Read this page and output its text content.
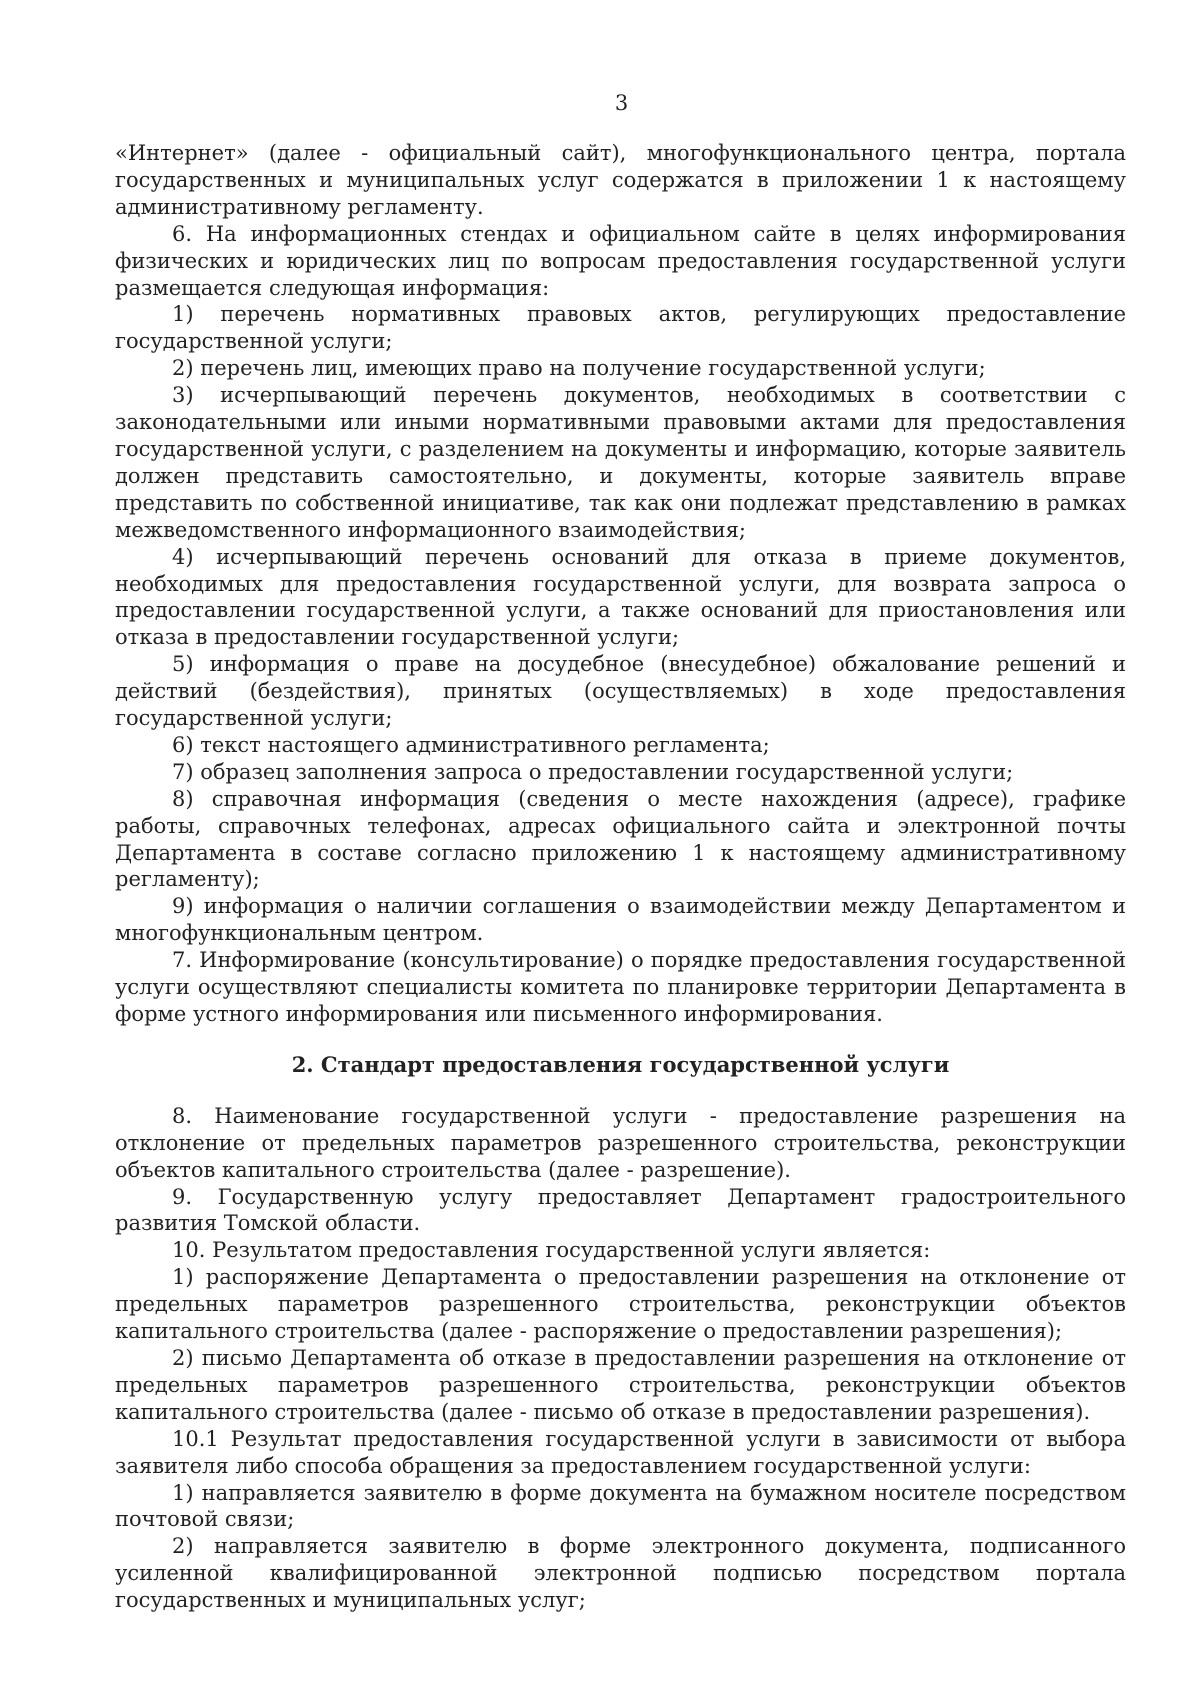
3

«Интернет» (далее - официальный сайт), многофункционального центра, портала государственных и муниципальных услуг содержатся в приложении 1 к настоящему административному регламенту.

6. На информационных стендах и официальном сайте в целях информирования физических и юридических лиц по вопросам предоставления государственной услуги размещается следующая информация:

1) перечень нормативных правовых актов, регулирующих предоставление государственной услуги;

2) перечень лиц, имеющих право на получение государственной услуги;

3) исчерпывающий перечень документов, необходимых в соответствии с законодательными или иными нормативными правовыми актами для предоставления государственной услуги, с разделением на документы и информацию, которые заявитель должен представить самостоятельно, и документы, которые заявитель вправе представить по собственной инициативе, так как они подлежат представлению в рамках межведомственного информационного взаимодействия;

4) исчерпывающий перечень оснований для отказа в приеме документов, необходимых для предоставления государственной услуги, для возврата запроса о предоставлении государственной услуги, а также оснований для приостановления или отказа в предоставлении государственной услуги;

5) информация о праве на досудебное (внесудебное) обжалование решений и действий (бездействия), принятых (осуществляемых) в ходе предоставления государственной услуги;

6) текст настоящего административного регламента;

7) образец заполнения запроса о предоставлении государственной услуги;

8) справочная информация (сведения о месте нахождения (адресе), графике работы, справочных телефонах, адресах официального сайта и электронной почты Департамента в составе согласно приложению 1 к настоящему административному регламенту);

9) информация о наличии соглашения о взаимодействии между Департаментом и многофункциональным центром.

7. Информирование (консультирование) о порядке предоставления государственной услуги осуществляют специалисты комитета по планировке территории Департамента в форме устного информирования или письменного информирования.

2. Стандарт предоставления государственной услуги

8. Наименование государственной услуги - предоставление разрешения на отклонение от предельных параметров разрешенного строительства, реконструкции объектов капитального строительства (далее - разрешение).

9. Государственную услугу предоставляет Департамент градостроительного развития Томской области.

10. Результатом предоставления государственной услуги является:

1) распоряжение Департамента о предоставлении разрешения на отклонение от предельных параметров разрешенного строительства, реконструкции объектов капитального строительства (далее - распоряжение о предоставлении разрешения);

2) письмо Департамента об отказе в предоставлении разрешения на отклонение от предельных параметров разрешенного строительства, реконструкции объектов капитального строительства (далее - письмо об отказе в предоставлении разрешения).

10.1 Результат предоставления государственной услуги в зависимости от выбора заявителя либо способа обращения за предоставлением государственной услуги:

1) направляется заявителю в форме документа на бумажном носителе посредством почтовой связи;

2) направляется заявителю в форме электронного документа, подписанного усиленной квалифицированной электронной подписью посредством портала государственных и муниципальных услуг;
